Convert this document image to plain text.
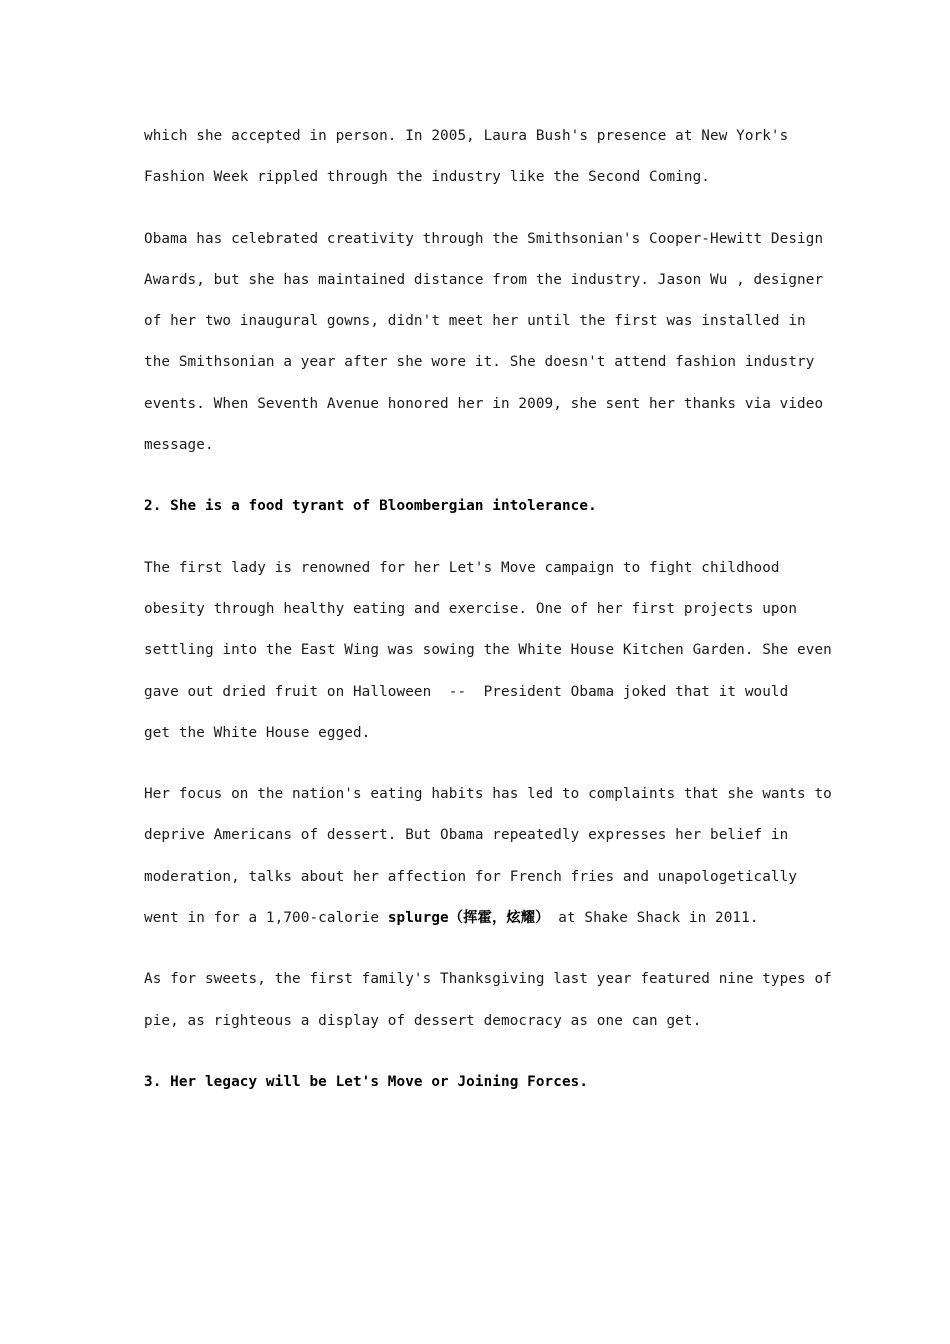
which she accepted in person. In 2005, Laura Bush's presence at New York's
Fashion Week rippled through the industry like the Second Coming.

Obama has celebrated creativity through the Smithsonian's Cooper-Hewitt Design
Awards, but she has maintained distance from the industry. Jason Wu , designer
of her two inaugural gowns, didn't meet her until the first was installed in
the Smithsonian a year after she wore it. She doesn't attend fashion industry
events. When Seventh Avenue honored her in 2009, she sent her thanks via video
message.

2. She is a food tyrant of Bloombergian intolerance.

The first lady is renowned for her Let's Move campaign to fight childhood
obesity through healthy eating and exercise. One of her first projects upon
settling into the East Wing was sowing the White House Kitchen Garden. She even
gave out dried fruit on Halloween  --  President Obama joked that it would
get the White House egged.

Her focus on the nation's eating habits has led to complaints that she wants to
deprive Americans of dessert. But Obama repeatedly expresses her belief in
moderation, talks about her affection for French fries and unapologetically
went in for a 1,700-calorie splurge（挥霍，炫耀） at Shake Shack in 2011.

As for sweets, the first family's Thanksgiving last year featured nine types of
pie, as righteous a display of dessert democracy as one can get.

3. Her legacy will be Let's Move or Joining Forces.
